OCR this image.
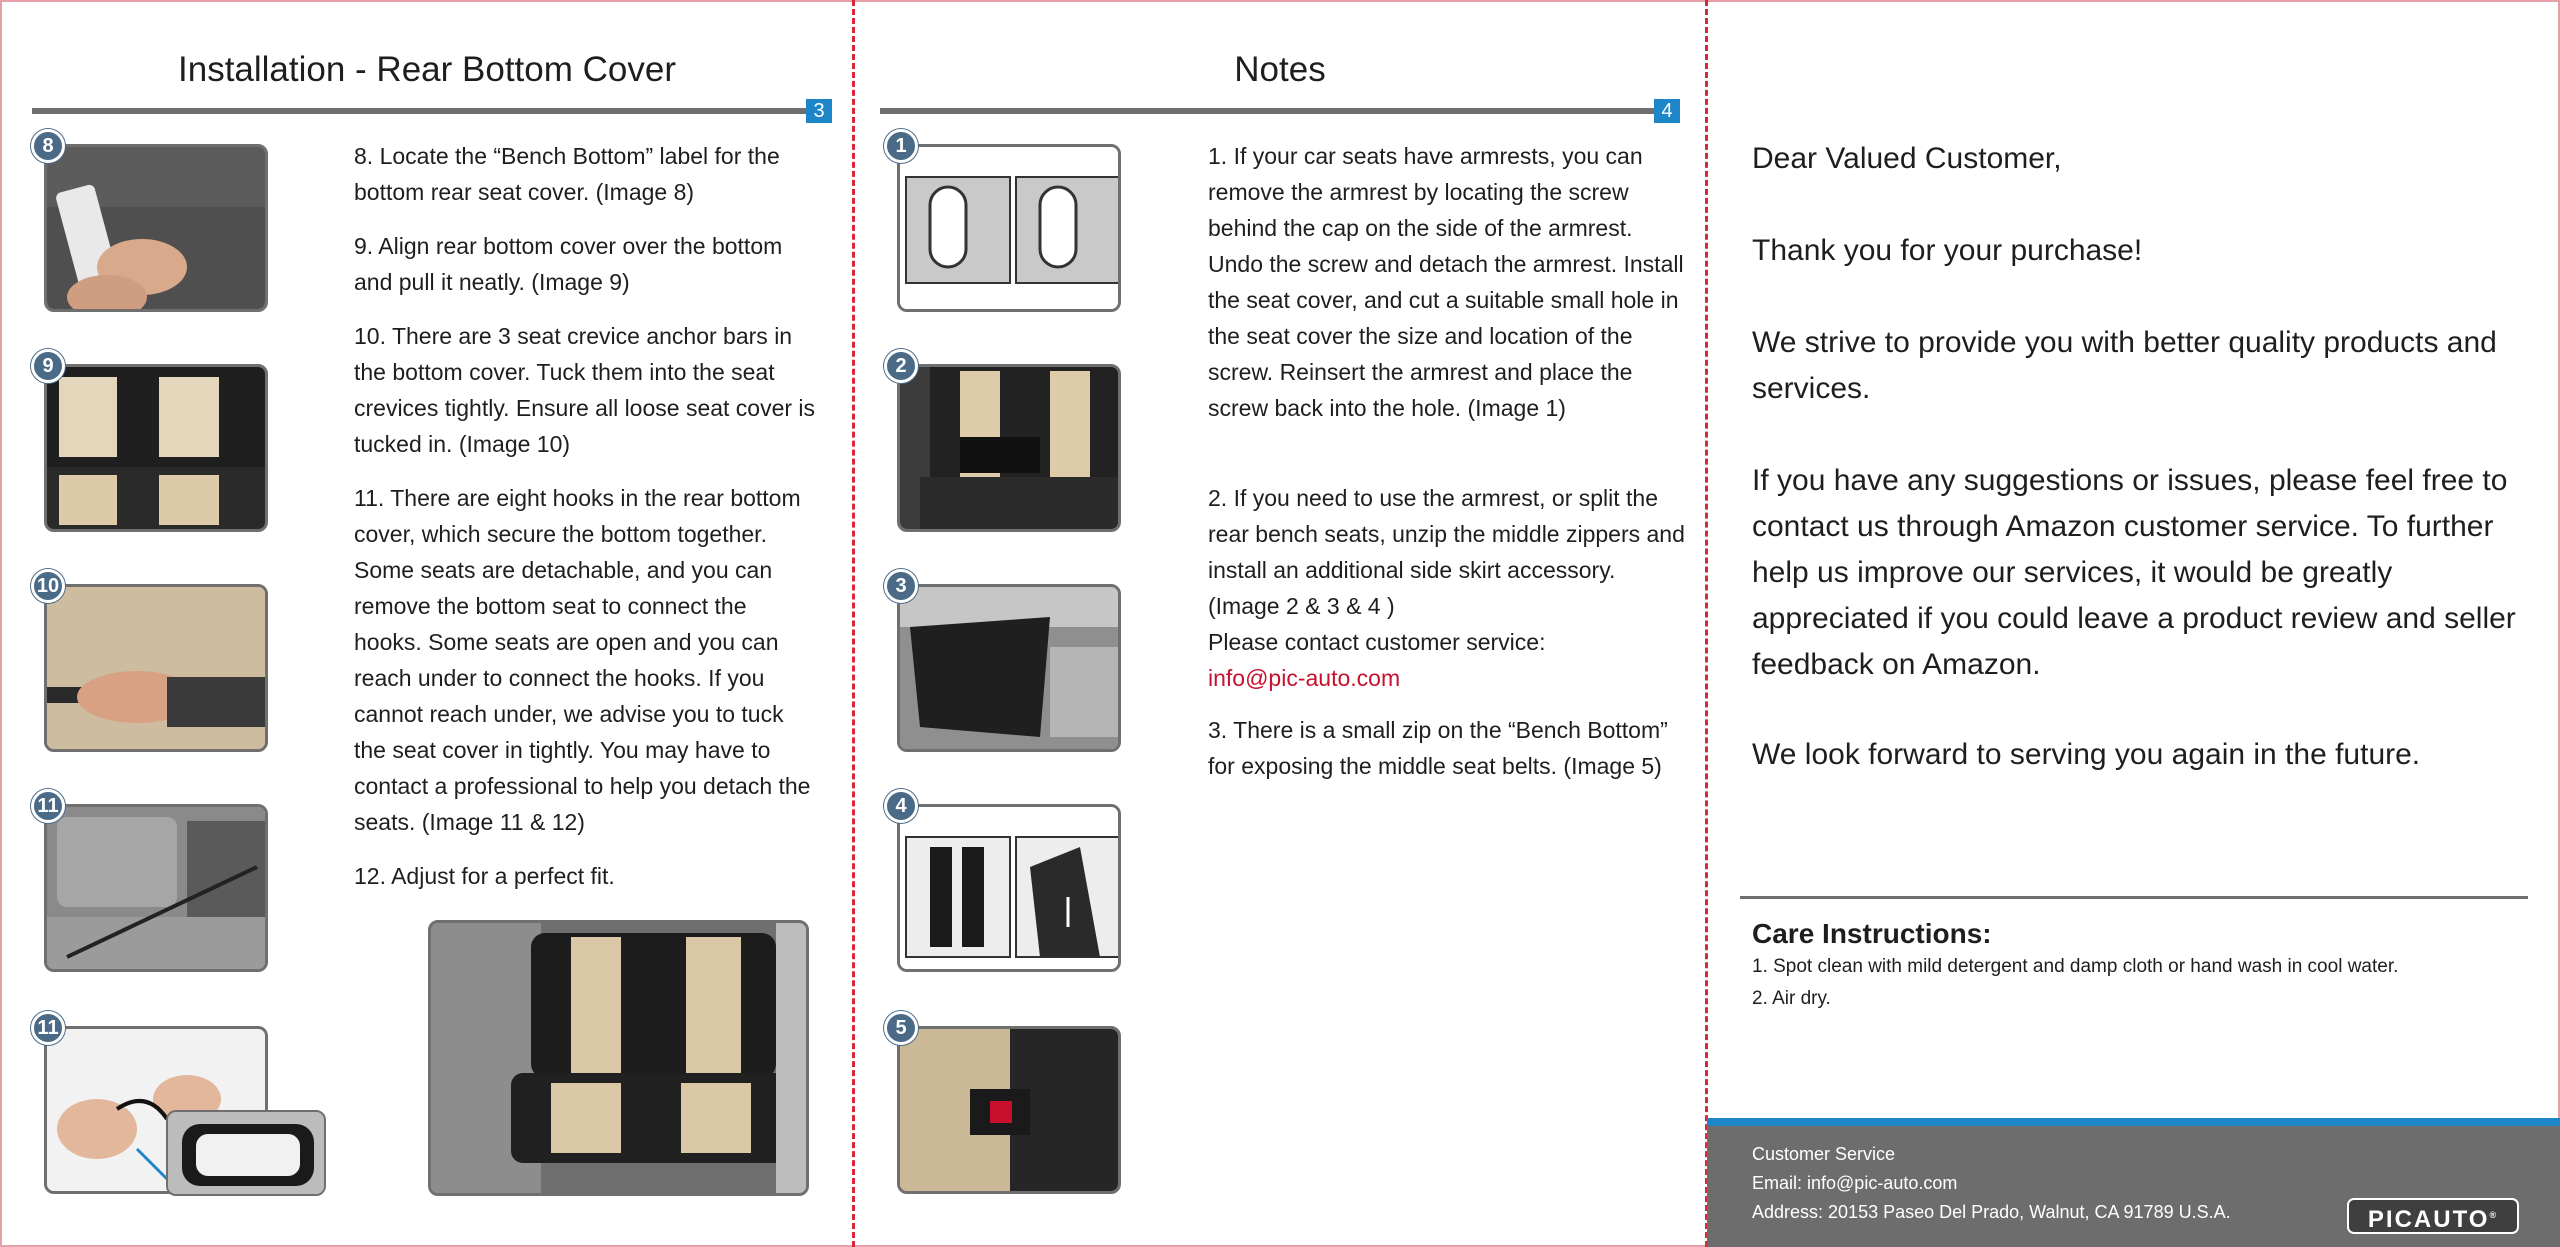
Installation - Rear Bottom Cover
3
8
9
10
11
11
8. Locate the “Bench Bottom” label for the bottom rear seat cover. (Image 8)
9. Align rear bottom cover over the bottom and pull it neatly. (Image 9)
10. There are 3 seat crevice anchor bars in the bottom cover. Tuck them into the seat crevices tightly. Ensure all loose seat cover is tucked in. (Image 10)
11. There are eight hooks in the rear bottom cover, which secure the bottom together. Some seats are detachable, and you can remove the bottom seat to connect the hooks. Some seats are open and you can reach under to connect the hooks. If you cannot reach under, we advise you to tuck the seat cover in tightly. You may have to contact a professional to help you detach the seats. (Image 11 & 12)
12. Adjust for a perfect fit.
Notes
4
1
2
3
4
5
1. If your car seats have armrests, you can remove the armrest by locating the screw behind the cap on the side of the armrest. Undo the screw and detach the armrest. Install the seat cover, and cut a suitable small hole in the seat cover the size and location of the screw. Reinsert the armrest and place the screw back into the hole. (Image 1)
2. If you need to use the armrest, or split the rear bench seats, unzip the middle zippers and install an additional side skirt accessory. (Image 2 & 3 & 4 )
Please contact customer service:
info@pic-auto.com
3. There is a small zip on the “Bench Bottom” for exposing the middle seat belts. (Image 5)
Dear Valued Customer,
Thank you for your purchase!
We strive to provide you with better quality products and services.
If you have any suggestions or issues, please feel free to contact us through Amazon customer service. To further help us improve our services, it would be greatly appreciated if you could leave a product review and seller feedback on Amazon.
We look forward to serving you again in the future.
Care Instructions:
1. Spot clean with mild detergent and damp cloth or hand wash in cool water.
2. Air dry.
Customer Service
Email: info@pic-auto.com
Address: 20153 Paseo Del Prado, Walnut, CA 91789 U.S.A.	PICAUTO®
